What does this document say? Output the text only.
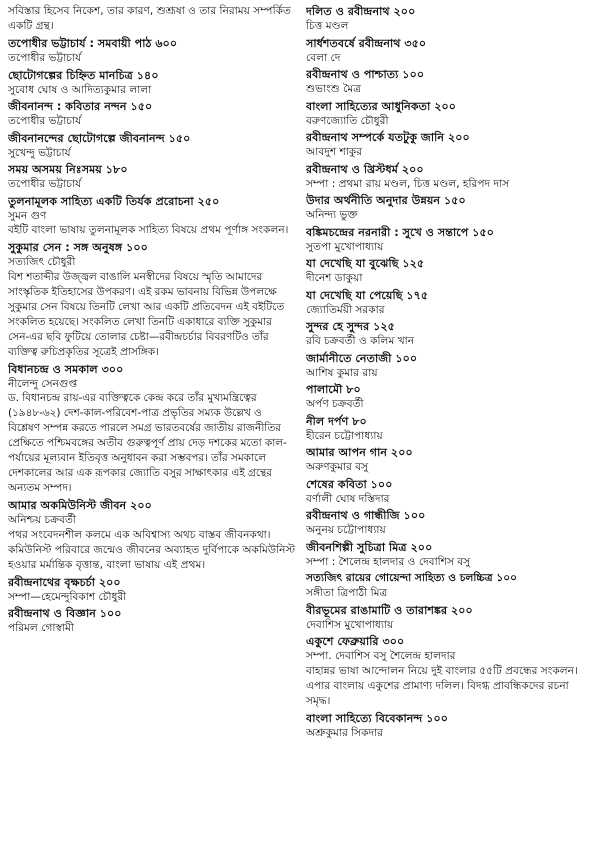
সবিস্তার হিসেব নিকেশ, তার কারণ, শুশ্রূষা ও তার নিরাময় সম্পর্কিত একটি গ্রন্থ।
তপোধীর ভট্টাচার্য : সমবায়ী পাঠ ৬০০
তপোধীর ভট্টাচার্য
ছোটোগল্পের চিহ্নিত মানচিত্র ১৪০
সুবোধ ঘোষ ও আদিত্যকুমার লালা
জীবনানন্দ : কবিতার নন্দন ১৫০
তপোধীর ভট্টাচার্য
জীবনানন্দের ছোটোগল্পে জীবনানন্দ ১৫০
সুখেন্দু ভট্টাচার্য
সময় অসময় নিঃসময় ১৮০
তপোধীর ভট্টাচার্য
তুলনামূলক সাহিত্য একটি তির্যক প্ররোচনা ২৫০
সুমন গুণ
বইটি বাংলা ভাষায় তুলনামূলক সাহিত্য বিষয়ে প্রথম পূর্ণাঙ্গ সংকলন।
সুকুমার সেন : সঙ্গ অনুষঙ্গ ১০০
সত্যজিৎ চৌধুরী
বিশ শতাব্দীর উজ্জ্বল বাঙালি মনস্বীদের বিষয়ে স্মৃতি আমাদের সাংস্কৃতিক ইতিহাসের উপকরণ। এই রকম ভাবনায় বিভিন্ন উপলক্ষে সুকুমার সেন বিষয়ে তিনটি লেখা আর একটি প্রতিবেদন এই বইটিতে সংকলিত হয়েছে। সংকলিত লেখা তিনটি একাধারে ব্যক্তি সুকুমার সেন-এর ছবি ফুটিয়ে তোলার চেষ্টা—রবীন্দ্রচর্চার বিবরণটিও তাঁর ব্যক্তিত্ব রুচিপ্রকৃতির সূত্রেই প্রাসঙ্গিক।
বিধানচন্দ্র ও সমকাল ৩০০
নীলেন্দু সেনগুপ্ত
ড. বিধানচন্দ্র রায়-এর ব্যক্তিত্বকে কেন্দ্র করে তাঁর মুখ্যমন্ত্রিত্বের (১৯৪৮-৬২) দেশ-কাল-পরিবেশ-পাত্র প্রভৃতির সম্যক উল্লেখ ও বিশ্লেষণ সম্পন্ন করতে পারলে সমগ্র ভারতবর্ষের জাতীয় রাজনীতির প্রেক্ষিতে পশ্চিমবঙ্গের অতীব গুরুত্বপূর্ণ প্রায় দেড় দশকের মতো কাল-পর্যায়ের মূল্যবান ইতিবৃত্ত অনুধাবন করা সম্ভবপর। তাঁর সমকালে দেশকালের আর এক রূপকার জ্যোতি বসুর সাক্ষাৎকার এই গ্রন্থের অন্যতম সম্পদ।
আমার অকমিউনিস্ট জীবন ২০০
অনিশ্চয় চক্রবর্তী
পথর সংবেদনশীল কলমে এক অবিশ্বাস্য অথচ বাস্তব জীবনকথা। কমিউনিস্ট পরিবারে জন্মেও জীবনের অব্যাহত দুর্বিপাকে অকমিউনিস্ট হওয়ার মর্মান্তিক বৃত্তান্ত, বাংলা ভাষায় এই প্রথম।
রবীন্দ্রনাথের বৃক্ষচর্চা ২০০
সম্পা—হেমেন্দুবিকাশ চৌধুরী
রবীন্দ্রনাথ ও বিজ্ঞান ১০০
পরিমল গোস্বামী
দলিত ও রবীন্দ্রনাথ ২০০
চিত্ত মণ্ডল
সার্ধশতবর্ষে রবীন্দ্রনাথ ৩৫০
বেলা দে
রবীন্দ্রনাথ ও পাশ্চাত্য ১০০
শুভাংশু মৈত্র
বাংলা সাহিত্যের আধুনিকতা ২০০
বরুণজ্যোতি চৌধুরী
রবীন্দ্রনাথ সম্পর্কে যতটুকু জানি ২০০
আবদুশ শাকুর
রবীন্দ্রনাথ ও খ্রিস্টধর্ম ২০০
সম্পা : প্রথমা রায় মণ্ডল, চিত্ত মণ্ডল, হরিপদ দাস
উদার অর্থনীতি অনুদার উন্নয়ন ১৫০
অনিন্দ্য ভুক্ত
বঙ্কিমচন্দ্রের নরনারী : সুখে ও সন্তাপে ১৫০
সুতপা মুখোপাধ্যায়
যা দেখেছি যা বুঝেছি ১২৫
দীনেশ ডাকুয়া
যা দেখেছি যা পেয়েছি ১৭৫
জ্যোতির্ময়ী সরকার
সুন্দর হে সুন্দর ১২৫
রবি চক্রবর্তী ও কলিম খান
জার্মানীতে নেতাজী ১০০
আশিষ কুমার রায়
পালামৌ ৮০
অর্পণ চক্রবর্তী
নীল দর্পণ ৮০
হীরেন চট্টোপাধ্যায়
আমার আপন গান ২০০
অরুণকুমার বসু
শেষের কবিতা ১০০
বর্ণালী ঘোষ দস্তিদার
রবীন্দ্রনাথ ও গান্ধীজি ১০০
অনুনয় চট্টোপাধ্যায়
জীবনশিল্পী সুচিত্রা মিত্র ২০০
সম্পা : শৈলেন্দ্র হালদার ও দেবাশিস বসু
সত্যজিৎ রায়ের গোয়েন্দা সাহিত্য ও চলচ্চিত্র ১০০
সঙ্গীতা ত্রিপাঠী মিত্র
বীরভূমের রাঙামাটি ও তারাশঙ্কর ২০০
দেবাশিস মুখোপাধ্যায়
একুশে ফেব্রুয়ারি ৩০০
সম্পা. দেবাশিস বসু শৈলেন্দ্র হালদার
বাহান্নর ভাষা আন্দোলন নিয়ে দুই বাংলার ৫৫টি প্রবন্ধের সংকলন। এপার বাংলায় একুশের প্রামাণ্য দলিল। বিদগ্ধ প্রাবন্ধিকদের রচনা সমৃদ্ধ।
বাংলা সাহিত্যে বিবেকানন্দ ১০০
অশ্রুকুমার সিকদার
